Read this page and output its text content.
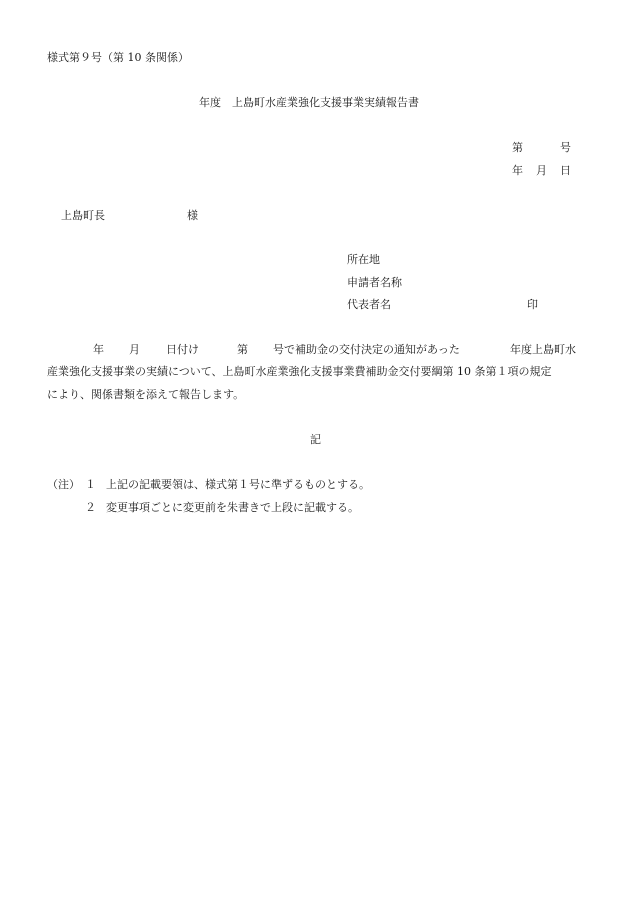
様式第９号（第 10 条関係）
年度　上島町水産業強化支援事業実績報告書
第	号
年 月 日
上島町長	様
所在地
申請者名称
代表者名	印
年 月 日付け	第 号で補助金の交付決定の通知があった	年度上島町水
産業強化支援事業の実績について、上島町水産業強化支援事業費補助金交付要綱第 10 条第１項の規定
により、関係書類を添えて報告します。
記
（注） １ 上記の記載要領は、様式第１号に準ずるものとする。
２ 変更事項ごとに変更前を朱書きで上段に記載する。
